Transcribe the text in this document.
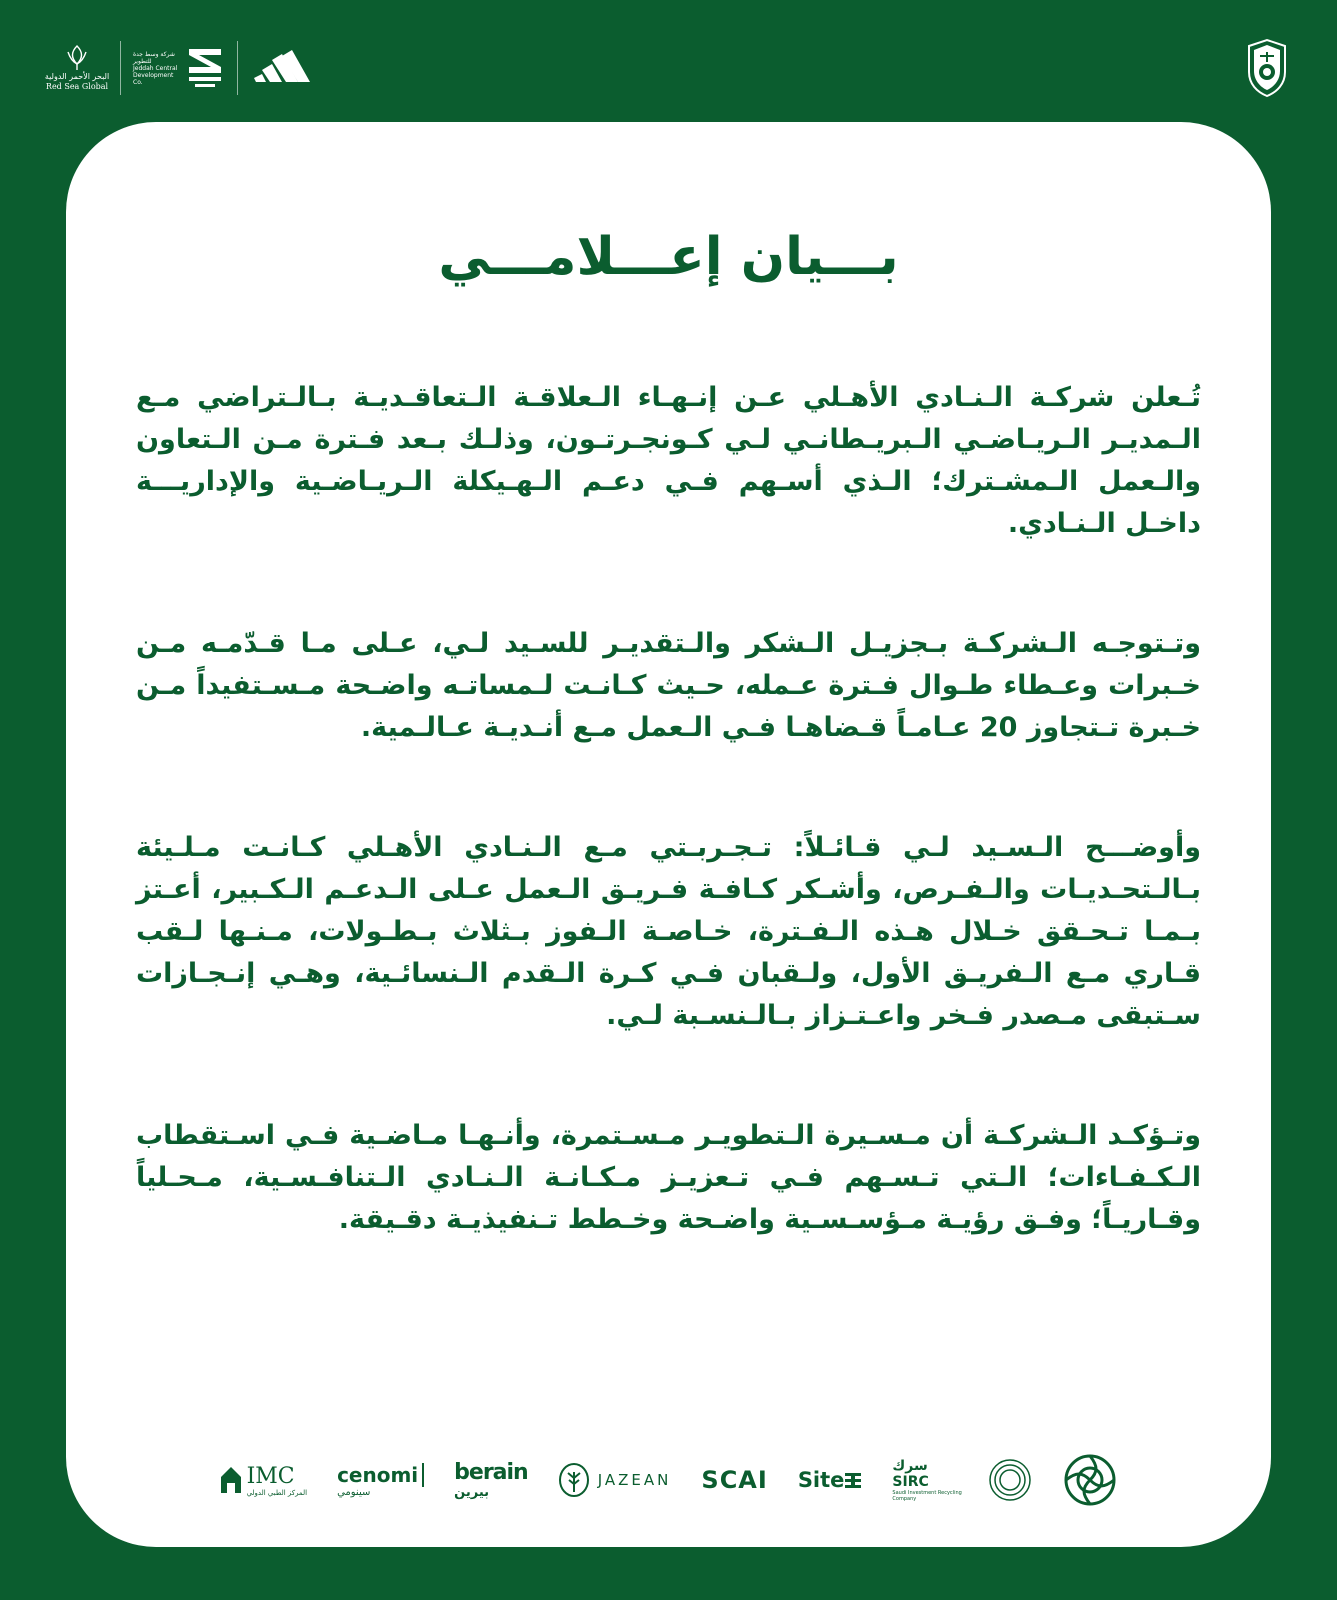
البحر الأحمر الدولية
Red Sea Global
شركة وسط جدة للتطوير
Jeddah Central Development Co.
بـــيان إعـــلامـــي

تُـعلن شركـة الـنـادي الأهـلي عـن إنـهـاء الـعلاقـة الـتعاقـديـة بـالـتراضي مـع الـمديـر الـريـاضـي الـبريـطانـي لـي كـونجـرتـون، وذلـك بـعد فـترة مـن الـتعاون والـعمل الـمشـترك؛ الـذي أسـهم فـي دعـم الـهـيكلة الـريـاضـية والإداريـــة داخـل الـنـادي.

وتـتوجـه الـشركـة بـجزيـل الـشكر والـتقديـر للسـيد لـي، عـلى مـا قـدّمـه مـن خـبرات وعـطاء طـوال فـترة عـمله، حـيث كـانـت لـمساتـه واضـحة مـسـتفيداً مـن خـبرة تـتجاوز 20 عـامـاً قـضاهـا فـي الـعمل مـع أنـديـة عـالـمية.

وأوضـــح الـسـيد لـي قـائـلاً: تـجـربـتي مـع الـنـادي الأهـلي كـانـت مـلـيئة بـالـتحـديـات والـفـرص، وأشـكر كـافـة فـريـق الـعمل عـلى الـدعـم الـكـبير، أعـتز بـمـا تـحـقق خـلال هـذه الـفـترة، خـاصـة الـفوز بـثلاث بـطـولات، مـنـها لـقب قـاري مـع الـفريـق الأول، ولـقبان فـي كـرة الـقدم الـنسائـية، وهـي إنـجـازات سـتبقى مـصدر فـخر واعـتـزاز بـالـنسـبة لـي.

وتـؤكـد الـشركـة أن مـسـيرة الـتطويـر مـسـتمرة، وأنـهـا مـاضـية فـي اسـتقطاب الـكـفـاءات؛ الـتي تـسـهم فـي تـعزيـز مـكـانـة الـنـادي الـتنافـسـية، مـحـلياً وقـاريـاً؛ وفـق رؤيـة مـؤسـسـية واضـحة وخـطط تـنفيذيـة دقـيقة.

IMC
المركز الطبي الدولي
cenomi
سينومي
berain
بيرين
JAZEAN SCAI Site
سرك
SIRC
Saudi Investment Recycling Company
